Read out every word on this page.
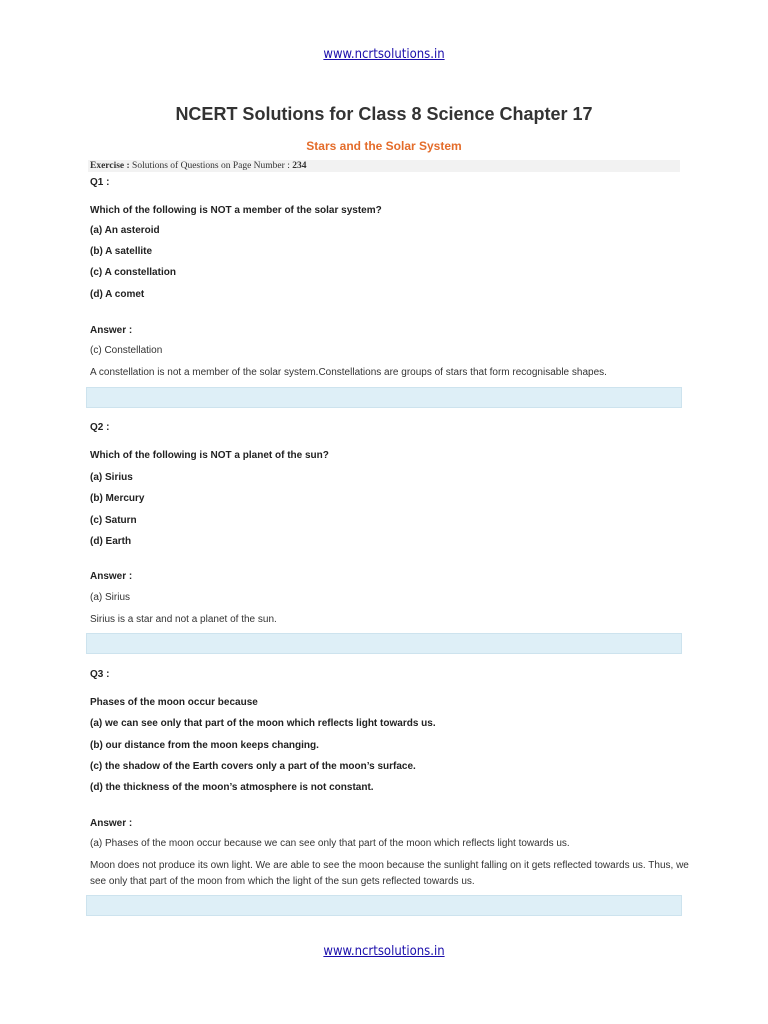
www.ncrtsolutions.in
NCERT Solutions for Class 8 Science Chapter 17
Stars and the Solar System
Exercise : Solutions of Questions on Page Number : 234
Q1 :
Which of the following is NOT a member of the solar system?
(a) An asteroid
(b) A satellite
(c) A constellation
(d) A comet
Answer :
(c) Constellation
A constellation is not a member of the solar system.Constellations are groups of stars that form recognisable shapes.
Q2 :
Which of the following is NOT a planet of the sun?
(a) Sirius
(b) Mercury
(c) Saturn
(d) Earth
Answer :
(a) Sirius
Sirius is a star and not a planet of the sun.
Q3 :
Phases of the moon occur because
(a) we can see only that part of the moon which reflects light towards us.
(b) our distance from the moon keeps changing.
(c) the shadow of the Earth covers only a part of the moon’s surface.
(d) the thickness of the moon’s atmosphere is not constant.
Answer :
(a) Phases of the moon occur because we can see only that part of the moon which reflects light towards us.
Moon does not produce its own light. We are able to see the moon because the sunlight falling on it gets reflected towards us. Thus, we see only that part of the moon from which the light of the sun gets reflected towards us.
www.ncrtsolutions.in
